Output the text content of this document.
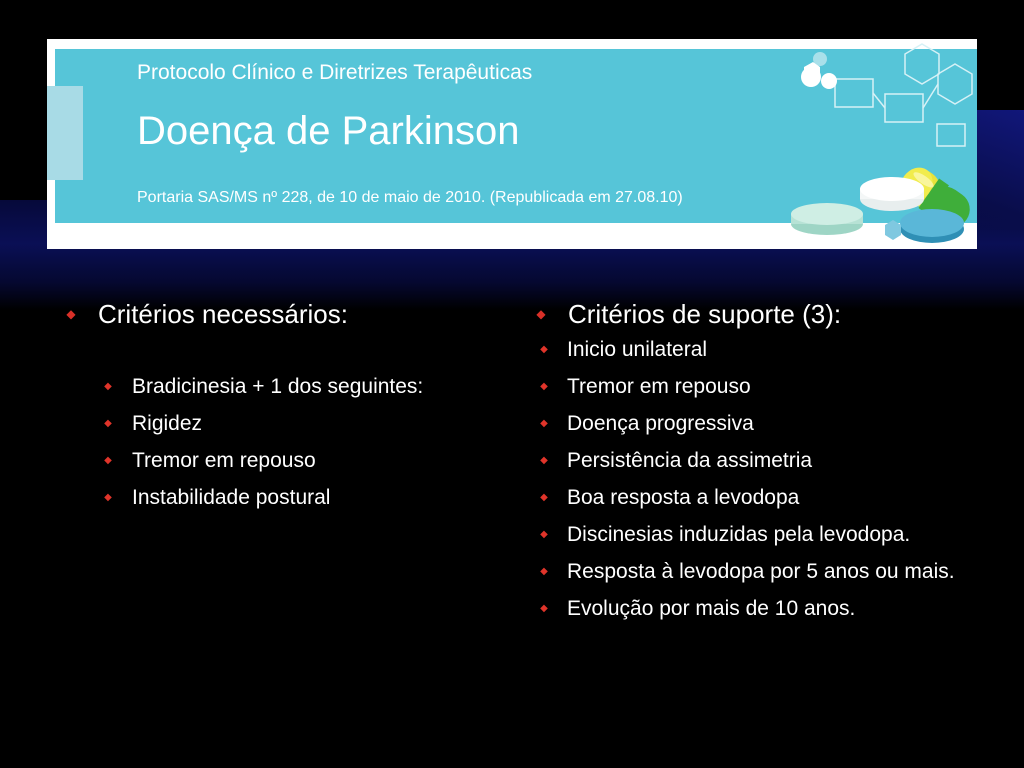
Protocolo Clínico e Diretrizes Terapêuticas
Doença de Parkinson
Portaria SAS/MS nº 228, de 10 de maio de 2010. (Republicada em 27.08.10)
◆ Critérios necessários:
◆ Bradicinesia + 1 dos seguintes:
◆ Rigidez
◆ Tremor em repouso
◆ Instabilidade postural
◆ Critérios de suporte (3):
◆ Inicio unilateral
◆ Tremor em repouso
◆ Doença progressiva
◆ Persistência da assimetria
◆ Boa resposta a levodopa
◆ Discinesias induzidas pela levodopa.
◆ Resposta à levodopa por 5 anos ou mais.
◆ Evolução por mais de 10 anos.
